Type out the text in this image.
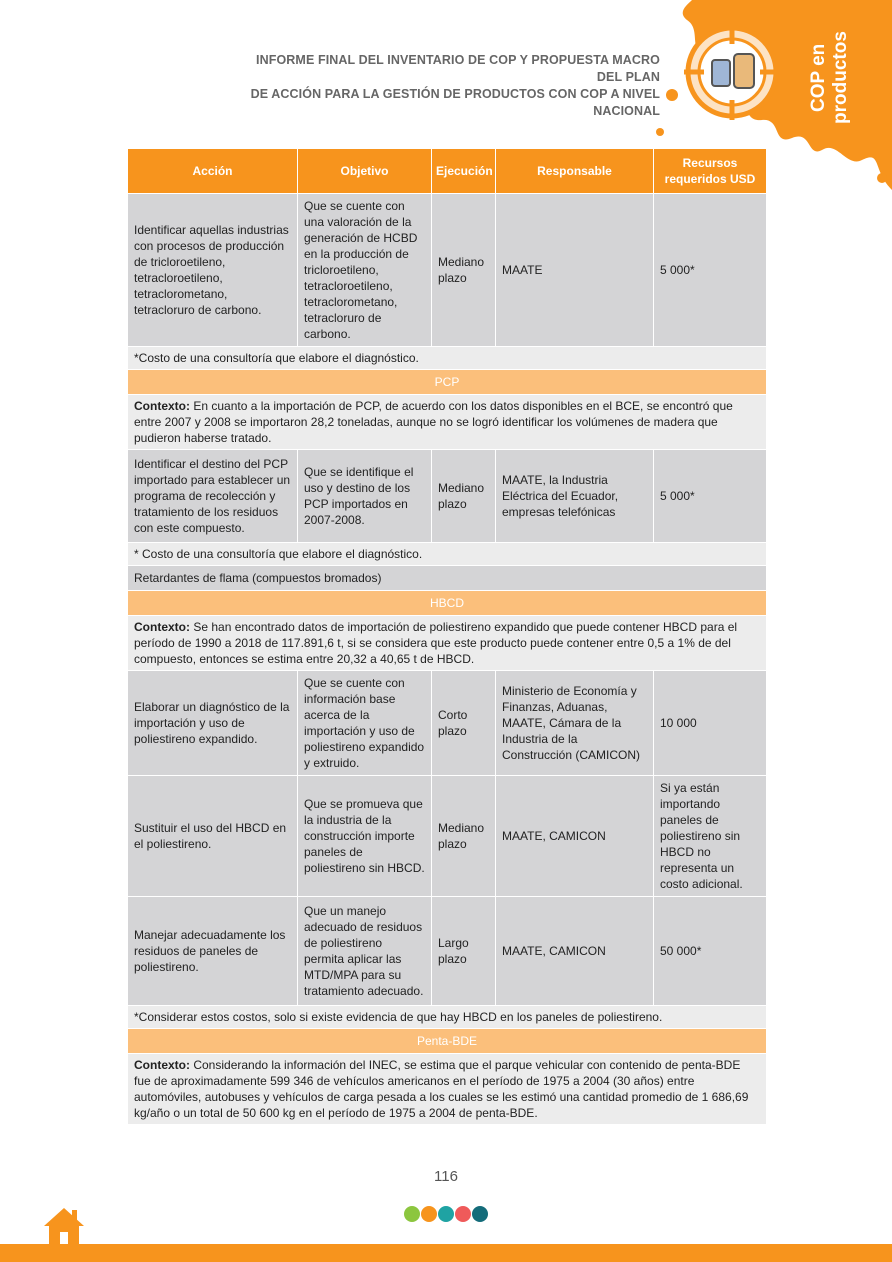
INFORME FINAL DEL INVENTARIO DE COP Y PROPUESTA MACRO DEL PLAN
DE ACCIÓN PARA LA GESTIÓN DE PRODUCTOS CON COP A NIVEL NACIONAL	COP en productos
Acción	Objetivo	Ejecución	Responsable	Recursos requeridos USD
Identificar aquellas industrias con procesos de producción de tricloroetileno, tetracloroetileno, tetraclorometano, tetracloruro de carbono.	Que se cuente con una valoración de la generación de HCBD en la producción de tricloroetileno, tetracloroetileno, tetraclorometano, tetracloruro de carbono.	Mediano plazo	MAATE	5 000*
*Costo de una consultoría que elabore el diagnóstico.				
PCP				
Contexto: En cuanto a la importación de PCP, de acuerdo con los datos disponibles en el BCE, se encontró que entre 2007 y 2008 se importaron 28,2 toneladas, aunque no se logró identificar los volúmenes de madera que pudieron haberse tratado.				
Identificar el destino del PCP importado para establecer un programa de recolección y tratamiento de los residuos con este compuesto.	Que se identifique el uso y destino de los PCP importados en 2007-2008.	Mediano plazo	MAATE, la Industria Eléctrica del Ecuador, empresas telefónicas	5 000*
* Costo de una consultoría que elabore el diagnóstico.				
Retardantes de flama (compuestos bromados)				
HBCD				
Contexto: Se han encontrado datos de importación de poliestireno expandido que puede contener HBCD para el período de 1990 a 2018 de 117.891,6 t, si se considera que este producto puede contener entre 0,5 a 1% de del compuesto, entonces se estima entre 20,32 a 40,65 t de HBCD.				
Elaborar un diagnóstico de la importación y uso de poliestireno expandido.	Que se cuente con información base acerca de la importación y uso de poliestireno expandido y extruido.	Corto plazo	Ministerio de Economía y Finanzas, Aduanas, MAATE, Cámara de la Industria de la Construcción (CAMICON)	10 000
Sustituir el uso del HBCD en el poliestireno.	Que se promueva que la industria de la construcción importe paneles de poliestireno sin HBCD.	Mediano plazo	MAATE, CAMICON	Si ya están importando paneles de poliestireno sin HBCD no representa un costo adicional.
Manejar adecuadamente los residuos de paneles de poliestireno.	Que un manejo adecuado de residuos de poliestireno permita aplicar las MTD/MPA para su tratamiento adecuado.	Largo plazo	MAATE, CAMICON	50 000*
*Considerar estos costos, solo si existe evidencia de que hay HBCD en los paneles de poliestireno.				
Penta-BDE				
Contexto: Considerando la información del INEC, se estima que el parque vehicular con contenido de penta-BDE fue de aproximadamente 599 346 de vehículos americanos en el período de 1975 a 2004 (30 años) entre automóviles, autobuses y vehículos de carga pesada a los cuales se les estimó una cantidad promedio de 1 686,69 kg/año o un total de 50 600 kg en el período de 1975 a 2004 de penta-BDE.				
116
